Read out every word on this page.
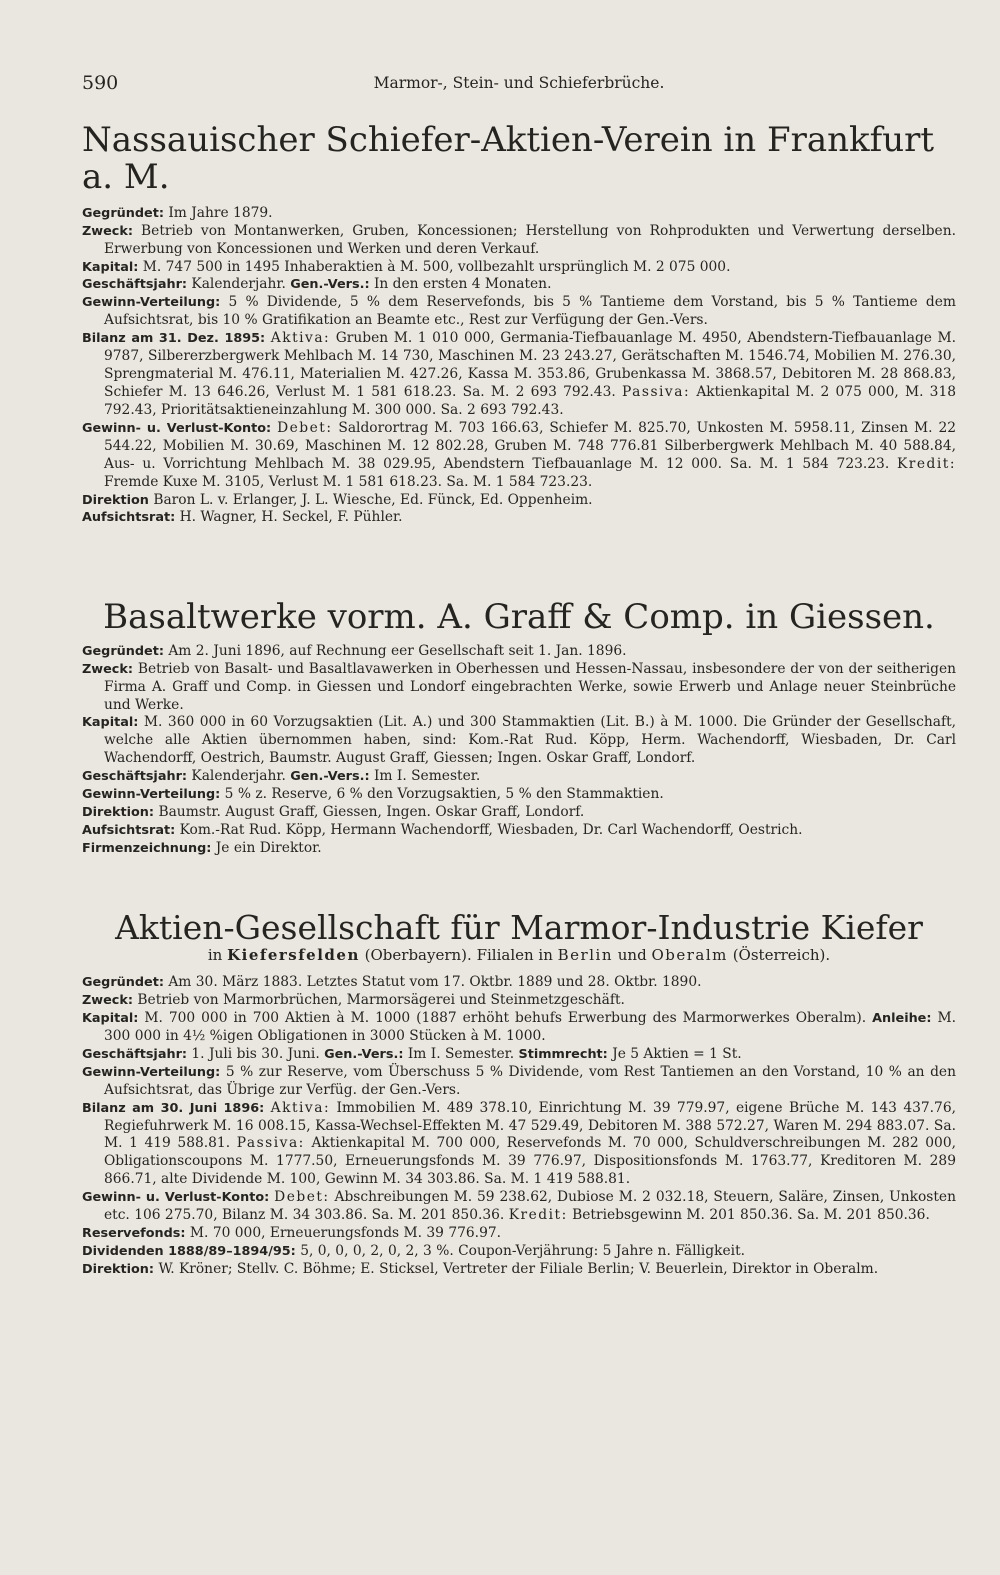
590	Marmor-, Stein- und Schieferbrüche.
Nassauischer Schiefer-Aktien-Verein in Frankfurt a. M.

Gegründet: Im Jahre 1879.

Zweck: Betrieb von Montanwerken, Gruben, Koncessionen; Herstellung von Rohprodukten und Verwertung derselben. Erwerbung von Koncessionen und Werken und deren Verkauf.

Kapital: M. 747 500 in 1495 Inhaberaktien à M. 500, vollbezahlt ursprünglich M. 2 075 000.

Geschäftsjahr: Kalenderjahr. Gen.-Vers.: In den ersten 4 Monaten.

Gewinn-Verteilung: 5 % Dividende, 5 % dem Reservefonds, bis 5 % Tantieme dem Vorstand, bis 5 % Tantieme dem Aufsichtsrat, bis 10 % Gratifikation an Beamte etc., Rest zur Verfügung der Gen.-Vers.

Bilanz am 31. Dez. 1895: Aktiva: Gruben M. 1 010 000, Germania-Tiefbauanlage M. 4950, Abendstern-Tiefbauanlage M. 9787, Silbererzbergwerk Mehlbach M. 14 730, Maschinen M. 23 243.27, Gerätschaften M. 1546.74, Mobilien M. 276.30, Sprengmaterial M. 476.11, Materialien M. 427.26, Kassa M. 353.86, Grubenkassa M. 3868.57, Debitoren M. 28 868.83, Schiefer M. 13 646.26, Verlust M. 1 581 618.23. Sa. M. 2 693 792.43. Passiva: Aktienkapital M. 2 075 000, M. 318 792.43, Prioritätsaktieneinzahlung M. 300 000. Sa. 2 693 792.43.

Gewinn- u. Verlust-Konto: Debet: Saldorortrag M. 703 166.63, Schiefer M. 825.70, Unkosten M. 5958.11, Zinsen M. 22 544.22, Mobilien M. 30.69, Maschinen M. 12 802.28, Gruben M. 748 776.81 Silberbergwerk Mehlbach M. 40 588.84, Aus- u. Vorrichtung Mehlbach M. 38 029.95, Abendstern Tiefbauanlage M. 12 000. Sa. M. 1 584 723.23. Kredit: Fremde Kuxe M. 3105, Verlust M. 1 581 618.23. Sa. M. 1 584 723.23.

Direktion Baron L. v. Erlanger, J. L. Wiesche, Ed. Fünck, Ed. Oppenheim.

Aufsichtsrat: H. Wagner, H. Seckel, F. Pühler.

Basaltwerke vorm. A. Graff & Comp. in Giessen.

Gegründet: Am 2. Juni 1896, auf Rechnung eer Gesellschaft seit 1. Jan. 1896.

Zweck: Betrieb von Basalt- und Basaltlavawerken in Oberhessen und Hessen-Nassau, insbesondere der von der seitherigen Firma A. Graff und Comp. in Giessen und Londorf eingebrachten Werke, sowie Erwerb und Anlage neuer Steinbrüche und Werke.

Kapital: M. 360 000 in 60 Vorzugsaktien (Lit. A.) und 300 Stammaktien (Lit. B.) à M. 1000. Die Gründer der Gesellschaft, welche alle Aktien übernommen haben, sind: Kom.-Rat Rud. Köpp, Herm. Wachendorff, Wiesbaden, Dr. Carl Wachendorff, Oestrich, Baumstr. August Graff, Giessen; Ingen. Oskar Graff, Londorf.

Geschäftsjahr: Kalenderjahr. Gen.-Vers.: Im I. Semester.

Gewinn-Verteilung: 5 % z. Reserve, 6 % den Vorzugsaktien, 5 % den Stammaktien.

Direktion: Baumstr. August Graff, Giessen, Ingen. Oskar Graff, Londorf.

Aufsichtsrat: Kom.-Rat Rud. Köpp, Hermann Wachendorff, Wiesbaden, Dr. Carl Wachendorff, Oestrich.

Firmenzeichnung: Je ein Direktor.

Aktien-Gesellschaft für Marmor-Industrie Kiefer
in Kiefersfelden (Oberbayern). Filialen in Berlin und Oberalm (Österreich).

Gegründet: Am 30. März 1883. Letztes Statut vom 17. Oktbr. 1889 und 28. Oktbr. 1890.

Zweck: Betrieb von Marmorbrüchen, Marmorsägerei und Steinmetzgeschäft.

Kapital: M. 700 000 in 700 Aktien à M. 1000 (1887 erhöht behufs Erwerbung des Marmorwerkes Oberalm). Anleihe: M. 300 000 in 4½ %igen Obligationen in 3000 Stücken à M. 1000.

Geschäftsjahr: 1. Juli bis 30. Juni. Gen.-Vers.: Im I. Semester. Stimmrecht: Je 5 Aktien = 1 St.

Gewinn-Verteilung: 5 % zur Reserve, vom Überschuss 5 % Dividende, vom Rest Tantiemen an den Vorstand, 10 % an den Aufsichtsrat, das Übrige zur Verfüg. der Gen.-Vers.

Bilanz am 30. Juni 1896: Aktiva: Immobilien M. 489 378.10, Einrichtung M. 39 779.97, eigene Brüche M. 143 437.76, Regiefuhrwerk M. 16 008.15, Kassa-Wechsel-Effekten M. 47 529.49, Debitoren M. 388 572.27, Waren M. 294 883.07. Sa. M. 1 419 588.81. Passiva: Aktienkapital M. 700 000, Reservefonds M. 70 000, Schuldverschreibungen M. 282 000, Obligationscoupons M. 1777.50, Erneuerungsfonds M. 39 776.97, Dispositionsfonds M. 1763.77, Kreditoren M. 289 866.71, alte Dividende M. 100, Gewinn M. 34 303.86. Sa. M. 1 419 588.81.

Gewinn- u. Verlust-Konto: Debet: Abschreibungen M. 59 238.62, Dubiose M. 2 032.18, Steuern, Saläre, Zinsen, Unkosten etc. 106 275.70, Bilanz M. 34 303.86. Sa. M. 201 850.36. Kredit: Betriebsgewinn M. 201 850.36. Sa. M. 201 850.36.

Reservefonds: M. 70 000, Erneuerungsfonds M. 39 776.97.

Dividenden 1888/89–1894/95: 5, 0, 0, 0, 2, 0, 2, 3 %. Coupon-Verjährung: 5 Jahre n. Fälligkeit.

Direktion: W. Kröner; Stellv. C. Böhme; E. Sticksel, Vertreter der Filiale Berlin; V. Beuerlein, Direktor in Oberalm.
